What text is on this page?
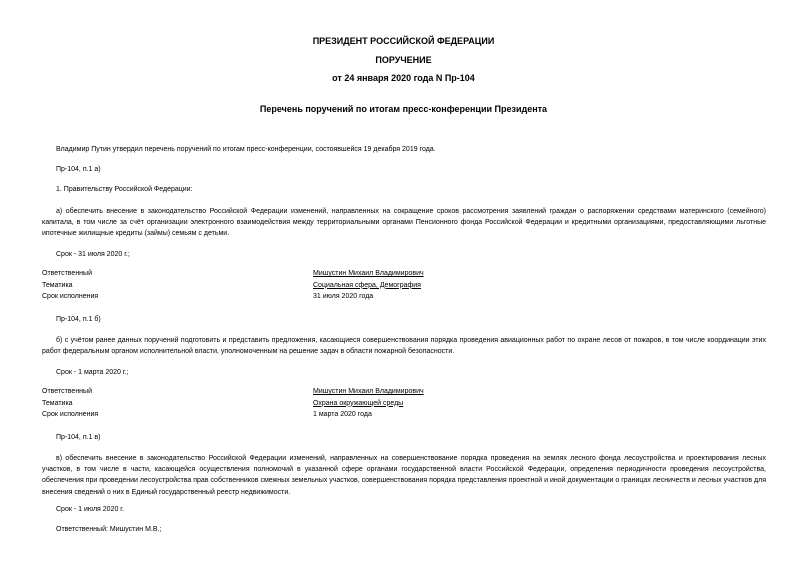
ПРЕЗИДЕНТ РОССИЙСКОЙ ФЕДЕРАЦИИ
ПОРУЧЕНИЕ
от 24 января 2020 года N Пр-104
Перечень поручений по итогам пресс-конференции Президента
Владимир Путин утвердил перечень поручений по итогам пресс-конференции, состоявшейся 19 декабря 2019 года.
Пр-104, п.1 а)
1. Правительству Российской Федерации:
а) обеспечить внесение в законодательство Российской Федерации изменений, направленных на сокращение сроков рассмотрения заявлений граждан о распоряжении средствами материнского (семейного) капитала, в том числе за счёт организации электронного взаимодействия между территориальными органами Пенсионного фонда Российской Федерации и кредитными организациями, предоставляющими льготные ипотечные жилищные кредиты (займы) семьям с детьми.
Срок - 31 июля 2020 г.;
Ответственный	Мишустин Михаил Владимирович
Тематика	Социальная сфера, Демография
Срок исполнения	31 июля 2020 года
Пр-104, п.1 б)
б) с учётом ранее данных поручений подготовить и представить предложения, касающиеся совершенствования порядка проведения авиационных работ по охране лесов от пожаров, в том числе координации этих работ федеральным органом исполнительной власти, уполномоченным на решение задач в области пожарной безопасности.
Срок - 1 марта 2020 г.;
Ответственный	Мишустин Михаил Владимирович
Тематика	Охрана окружающей среды
Срок исполнения	1 марта 2020 года
Пр-104, п.1 в)
в) обеспечить внесение в законодательство Российской Федерации изменений, направленных на совершенствование порядка проведения на землях лесного фонда лесоустройства и проектирования лесных участков, в том числе в части, касающейся осуществления полномочий в указанной сфере органами государственной власти Российской Федерации, определения периодичности проведения лесоустройства, обеспечения при проведении лесоустройства прав собственников смежных земельных участков, совершенствования порядка представления проектной и иной документации о границах лесничеств и лесных участков для внесения сведений о них в Единый государственный реестр недвижимости.
Срок - 1 июля 2020 г.
Ответственный: Мишустин М.В.;
